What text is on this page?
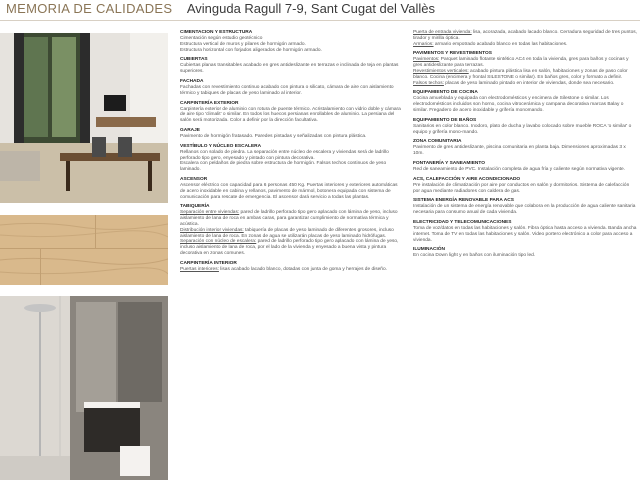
MEMORIA DE CALIDADES Avinguda Ragull 7-9, Sant Cugat del Vallès
CIMENTACION Y ESTRUCTURA

Cimentación según estudio geotécnico

Estructura vertical de muros y pilares de hormigón armado.

Estructura horizontal con forjados aligerados de hormigón armado.

CUBIERTAS

Cubiertas planas transitables acabado en gres antideslizante en terrazas e inclinada de teja en plantas superiores.

FACHADA

Fachadas con revestimiento continuo acabado con pintura o silicato, cámara de aire con aislamiento térmico y tabiques de placas de yeso laminado al interior.

CARPINTERÍA EXTERIOR

Carpintería exterior de aluminio con rotura de puente térmico. Acristalamiento con vidrio doble y cámara de aire tipo 'climalit' o similar. En todos los huecos persianas enrollables de aluminio. La persiana del salón será motorizada. Color a definir por la dirección facultativa.

GARAJE

Pavimento de hormigón fratasado. Paredes pintadas y señalizadas con pintura plástica.

VESTÍBULO Y NÚCLEO ESCALERA

Rellanos con solado de piedra. La separación entre núcleo de escalera y viviendas será de ladrillo perforado tipo gero, enyesado y pintado con pintura decorativa.

Escalera con peldaños de piedra sobre estructura de hormigón. Falsos techos continuos de yeso laminado.

ASCENSOR

Ascensor eléctrico con capacidad para 6 personas 450 Kg. Puertas interiores y exteriores automáticas de acero inoxidable en cabina y rellanos, pavimento de mármol, botonera equipada con sistema de comunicación para rescate de emergencia. El ascensor dará servicio a todas las plantas.

TABIQUERÍA

Separación entre viviendas: pared de ladrillo perforado tipo gero aplacado con lámina de yeso, incluso aislamiento de lana de roca en ambas caras, para garantizar cumplimiento de normativa térmica y acústica.

Distribución interior viviendas: tabiquería de placas de yeso laminado de diferentes grosores, incluso aislamiento de lana de roca. En zonas de agua se utilizarán placas de yeso laminado hidrófugas.

Separación con núcleo de escalera: pared de ladrillo perforado tipo gero aplacado con lámina de yeso, incluso aislamiento de lana de roca, por el lado de la vivienda y enyesado a buena vista y pintura decorativa en zonas comunes.

CARPINTERÍA INTERIOR

Puertas interiores: lisas acabado lacado blanco, dotadas con junta de goma y herrajes de diseño.

Puerta de entrada vivienda: lisa, acorazada, acabado lacado blanco. Cerradura seguridad de tres puntos, tirador y mirilla óptica.

Armarios: armario empotrado acabado blanco en todas las habitaciones.

PAVIMENTOS Y REVESTIMIENTOS

Pavimentos: Parquet laminado flotante sintético AC4 en toda la vivienda, gres para baños y cocinas y gres antideslizante para terrazas.

Revestimientos verticales: acabado pintura plástica lisa en salón, habitaciones y zonas de paso color blanco. Cocina (encimera y frontal SILESTONE o similar). En baños gres, color y formato a definir.

Falsos techos: placas de yeso laminado pintado en interior de viviendas, donde sea necesario.

EQUIPAMIENTO DE COCINA

Cocina amueblada y equipada con electrodomésticos y encimera de Silestone o similar. Los electrodomésticos incluidos son horno, cocina vitrocerámica y campana decorativa marcas Balay o similar. Fregadero de acero inoxidable y grifería monomando.

EQUIPAMIENTO DE BAÑOS

Sanitarios en color blanco. Inodoro, plato de ducha y lavabo colocado sobre mueble ROCA 'o similar' o equipo y grifería mono-mando.

ZONA COMUNITARIA

Pavimento de gres antideslizante, piscina comunitaria en planta baja. Dimensiones aproximadas 3 x 10m.

FONTANERÍA Y SANEAMIENTO

Red de saneamiento de PVC. Instalación completa de agua fría y caliente según normativa vigente.

ACS, CALEFACCIÓN Y AIRE ACONDICIONADO

Pre instalación de climatización por aire por conductos en salón y dormitorios. Sistema de calefacción por agua mediante radiadores con caldera de gas.

SISTEMA ENERGÍA RENOVABLE PARA ACS

Instalación de un sistema de energía renovable que colabora en la producción de agua caliente sanitaria necesaria para consumo anual de cada vivienda.

ELECTRICIDAD Y TELECOMUNICACIONES

Toma de voz/datos en todas las habitaciones y salón. Fibra óptica hasta acceso a vivienda. Banda ancha internet. Toma de TV en todas las habitaciones y salón. Video portero electrónico a color para acceso a vivienda.

ILUMINACIÓN

En cocina Down light y en baños con iluminación tipo led.
